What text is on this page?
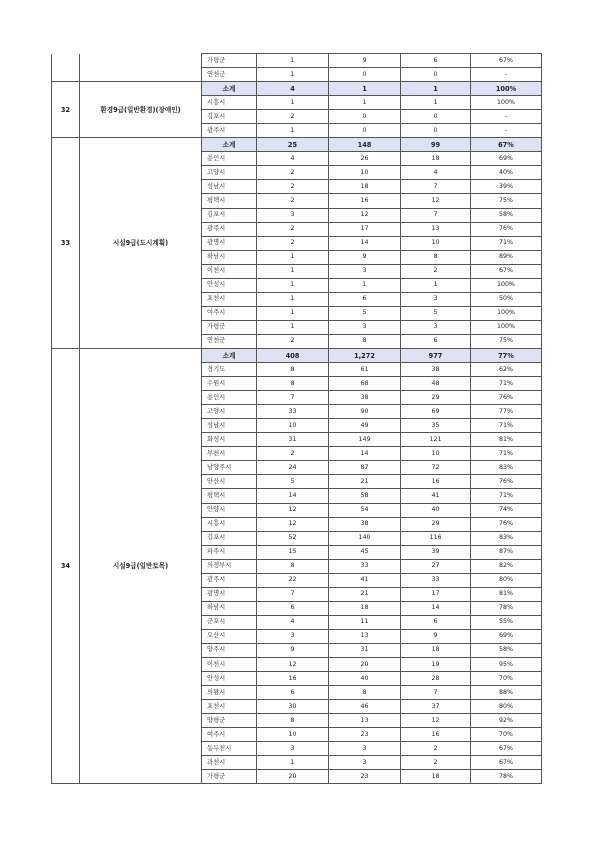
		가평군	1	9	6	67%
		연천군	1	0	0	-
32	환경9급(일반환경)(장애인)	소계	4	1	1	100%
		시흥시	1	1	1	100%
		김포시	2	0	0	-
		광주시	1	0	0	-
33	시설9급(도시계획)	소계	25	148	99	67%
		용인시	4	26	18	69%
		고양시	2	10	4	40%
		성남시	2	18	7	39%
		평택시	2	16	12	75%
		김포시	3	12	7	58%
		광주시	2	17	13	76%
		광명시	2	14	10	71%
		하남시	1	9	8	89%
		이천시	1	3	2	67%
		안성시	1	1	1	100%
		포천시	1	6	3	50%
		여주시	1	5	5	100%
		가평군	1	3	3	100%
		연천군	2	8	6	75%
34	시설9급(일반토목)	소계	408	1,272	977	77%
		경기도	8	61	38	62%
		수원시	8	68	48	71%
		용인시	7	38	29	76%
		고양시	33	90	69	77%
		성남시	10	49	35	71%
		화성시	31	149	121	81%
		부천시	2	14	10	71%
		남양주시	24	87	72	83%
		안산시	5	21	16	76%
		평택시	14	58	41	71%
		안양시	12	54	40	74%
		시흥시	12	38	29	76%
		김포시	52	140	116	83%
		파주시	15	45	39	87%
		의정부시	8	33	27	82%
		광주시	22	41	33	80%
		광명시	7	21	17	81%
		하남시	6	18	14	78%
		군포시	4	11	6	55%
		오산시	3	13	9	69%
		양주시	9	31	18	58%
		이천시	12	20	19	95%
		안성시	16	40	28	70%
		의왕시	6	8	7	88%
		포천시	30	46	37	80%
		양평군	8	13	12	92%
		여주시	10	23	16	70%
		동두천시	3	3	2	67%
		과천시	1	3	2	67%
		가평군	20	23	18	78%
